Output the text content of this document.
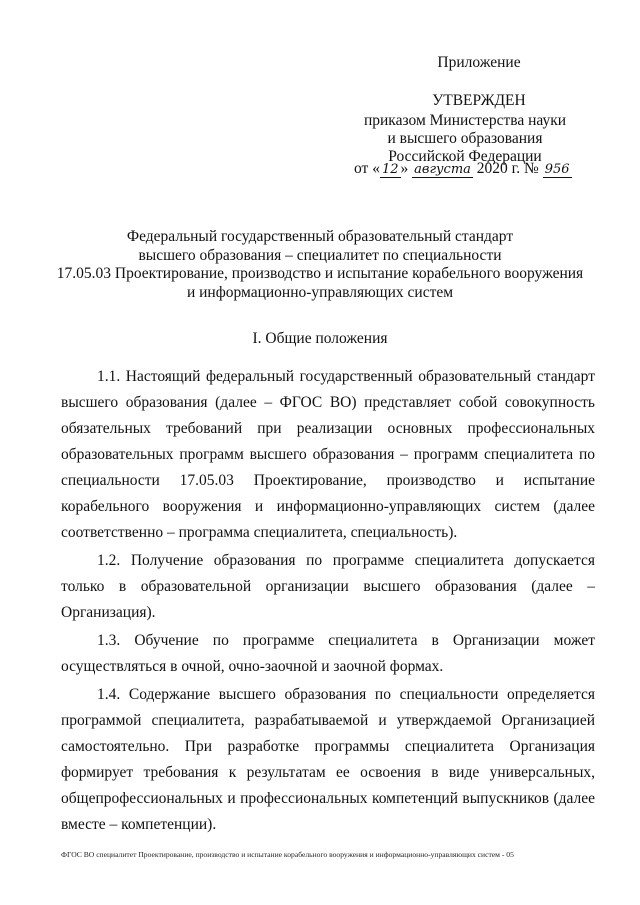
Приложение
УТВЕРЖДЕН
приказом Министерства науки
и высшего образования
Российской Федерации
от « 12 » августа 2020 г. № 956
Федеральный государственный образовательный стандарт
высшего образования – специалитет по специальности
17.05.03 Проектирование, производство и испытание корабельного вооружения
и информационно-управляющих систем
I. Общие положения

1.1. Настоящий федеральный государственный образовательный стандарт высшего образования (далее – ФГОС ВО) представляет собой совокупность обязательных требований при реализации основных профессиональных образовательных программ высшего образования – программ специалитета по специальности 17.05.03 Проектирование, производство и испытание корабельного вооружения и информационно-управляющих систем (далее соответственно – программа специалитета, специальность).

1.2. Получение образования по программе специалитета допускается только в образовательной организации высшего образования (далее – Организация).

1.3. Обучение по программе специалитета в Организации может осуществляться в очной, очно-заочной и заочной формах.

1.4. Содержание высшего образования по специальности определяется программой специалитета, разрабатываемой и утверждаемой Организацией самостоятельно. При разработке программы специалитета Организация формирует требования к результатам ее освоения в виде универсальных, общепрофессиональных и профессиональных компетенций выпускников (далее вместе – компетенции).

ФГОС ВО специалитет Проектирование, производство и испытание корабельного вооружения и информационно-управляющих систем - 05
